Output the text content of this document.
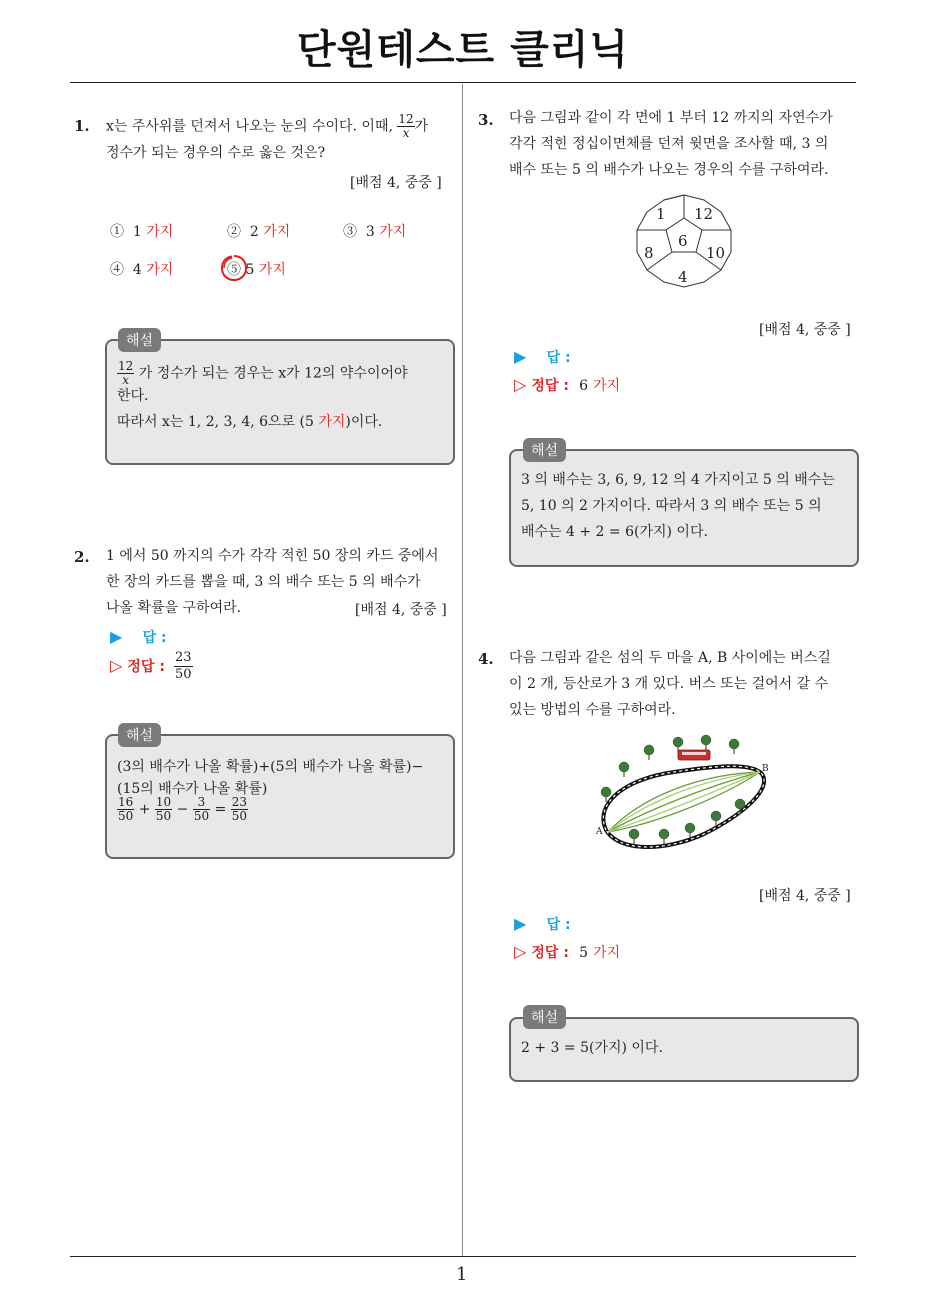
단원테스트 클리닉
1
1. x는 주사위를 던져서 나오는 눈의 수이다. 이때, $\frac{12}{x}$ 가
정수가 되는 경우의 수로 옳은 것은?
[배점 4, 중중 ]
① 1 가지	② 2 가지	③ 3 가지
④ 4 가지	⑤ 5 가지
해설
$\frac{12}{x}$ 가 정수가 되는 경우는 x가 12의 약수이어야
한다.
따라서 x는 1, 2, 3, 4, 6으로 (5 가지)이다.
2. 1 에서 50 까지의 수가 각각 적힌 50 장의 카드 중에서
한 장의 카드를 뽑을 때, 3 의 배수 또는 5 의 배수가
나올 확률을 구하여라.	[배점 4, 중중 ]
▶ 답 :
▷ 정답 : $\frac{23}{50}$
해설
(3의 배수가 나올 확률)+(5의 배수가 나올 확률)−
(15의 배수가 나올 확률)
$\frac{16}{50} + \frac{10}{50} - \frac{3}{50} = \frac{23}{50}$
3. 다음 그림과 같이 각 면에 1 부터 12 까지의 자연수가
각각 적힌 정십이면체를 던져 윗면을 조사할 때, 3 의
배수 또는 5 의 배수가 나오는 경우의 수를 구하여라.
1 12
6
8	10
4
[배점 4, 중중 ]
▶ 답 :
▷ 정답 : 6 가지
해설
3 의 배수는 3, 6, 9, 12 의 4 가지이고 5 의 배수는
5, 10 의 2 가지이다. 따라서 3 의 배수 또는 5 의
배수는 4 + 2 = 6(가지) 이다.
4. 다음 그림과 같은 섬의 두 마을 A, B 사이에는 버스길
이 2 개, 등산로가 3 개 있다. 버스 또는 걸어서 갈 수
있는 방법의 수를 구하여라.
A
B
[배점 4, 중중 ]
▶ 답 :
▷ 정답 : 5 가지
해설
2 + 3 = 5(가지) 이다.
